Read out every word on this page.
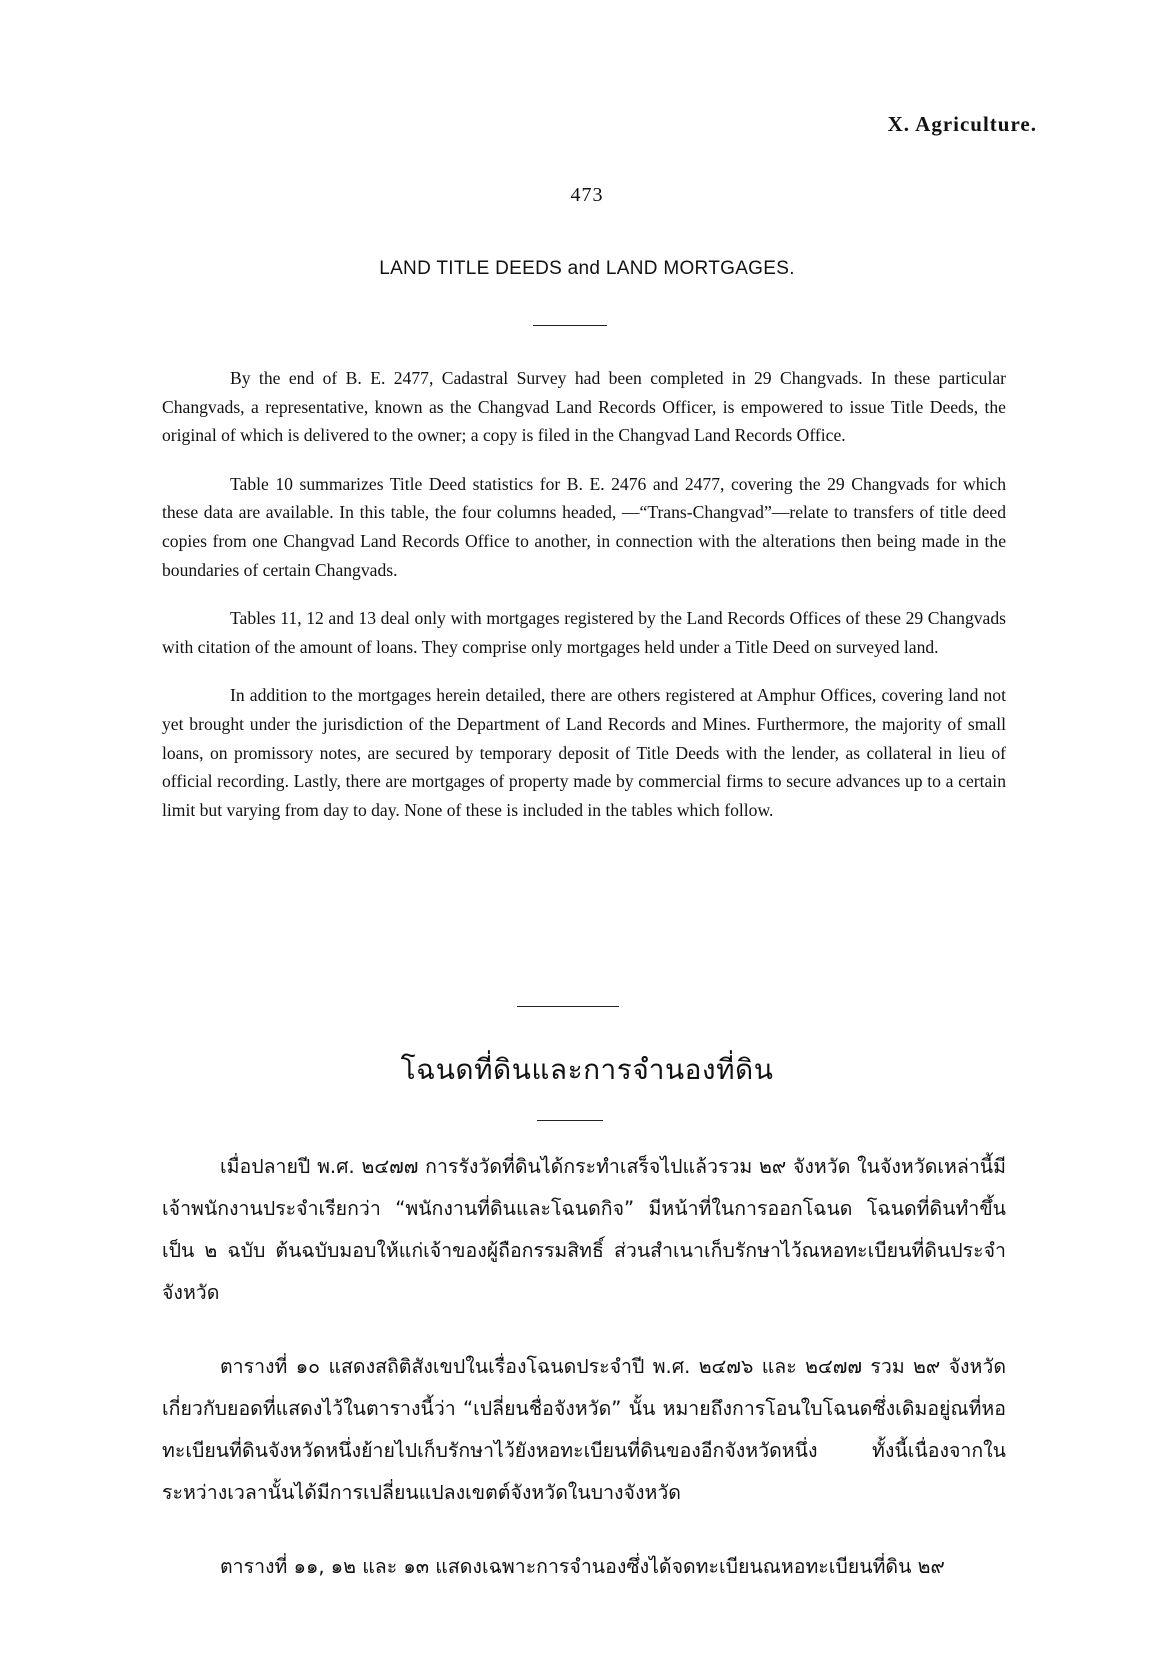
X. Agriculture.
473
LAND TITLE DEEDS and LAND MORTGAGES.

By the end of B. E. 2477, Cadastral Survey had been completed in 29 Changvads. In these particular Changvads, a representative, known as the Changvad Land Records Officer, is empowered to issue Title Deeds, the original of which is delivered to the owner; a copy is filed in the Changvad Land Records Office.

Table 10 summarizes Title Deed statistics for B. E. 2476 and 2477, covering the 29 Changvads for which these data are available. In this table, the four columns headed, —“Trans-Changvad”—relate to transfers of title deed copies from one Changvad Land Records Office to another, in connection with the alterations then being made in the boundaries of certain Changvads.

Tables 11, 12 and 13 deal only with mortgages registered by the Land Records Offices of these 29 Changvads with citation of the amount of loans. They comprise only mortgages held under a Title Deed on surveyed land.

In addition to the mortgages herein detailed, there are others registered at Amphur Offices, covering land not yet brought under the jurisdiction of the Department of Land Records and Mines. Furthermore, the majority of small loans, on promissory notes, are secured by temporary deposit of Title Deeds with the lender, as collateral in lieu of official recording. Lastly, there are mortgages of property made by commercial firms to secure advances up to a certain limit but varying from day to day. None of these is included in the tables which follow.

โฉนดที่ดินและการจำนองที่ดิน

เมื่อปลายปี พ.ศ. ๒๔๗๗ การรังวัดที่ดินได้กระทำเสร็จไปแล้วรวม ๒๙ จังหวัด ในจังหวัดเหล่านี้มีเจ้าพนักงานประจำเรียกว่า “พนักงานที่ดินและโฉนดกิจ” มีหน้าที่ในการออกโฉนด โฉนดที่ดินทำขึ้นเป็น ๒ ฉบับ ต้นฉบับมอบให้แก่เจ้าของผู้ถือกรรมสิทธิ์ ส่วนสำเนาเก็บรักษาไว้ณหอทะเบียนที่ดินประจำจังหวัด

ตารางที่ ๑๐ แสดงสถิติสังเขปในเรื่องโฉนดประจำปี พ.ศ. ๒๔๗๖ และ ๒๔๗๗ รวม ๒๙ จังหวัด เกี่ยวกับยอดที่แสดงไว้ในตารางนี้ว่า “เปลี่ยนชื่อจังหวัด” นั้น หมายถึงการโอนใบโฉนดซึ่งเดิมอยู่ณที่หอทะเบียนที่ดินจังหวัดหนึ่งย้ายไปเก็บรักษาไว้ยังหอทะเบียนที่ดินของอีกจังหวัดหนึ่ง ทั้งนี้เนื่องจากในระหว่างเวลานั้นได้มีการเปลี่ยนแปลงเขตต์จังหวัดในบางจังหวัด

ตารางที่ ๑๑, ๑๒ และ ๑๓ แสดงเฉพาะการจำนองซึ่งได้จดทะเบียนณหอทะเบียนที่ดิน ๒๙
